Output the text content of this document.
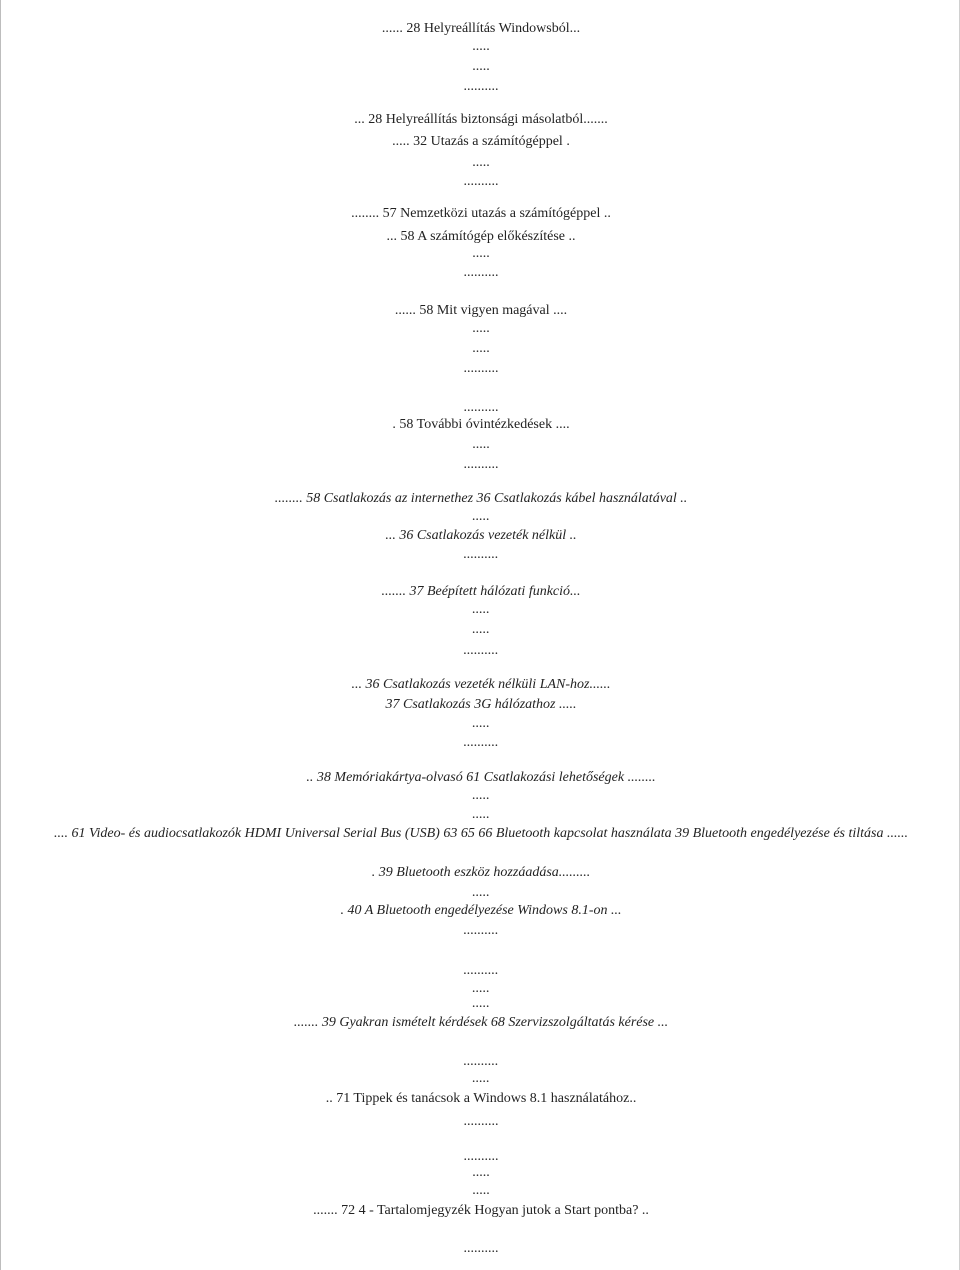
...... 28 Helyreállítás Windowsból...
.....
.....
..........
... 28 Helyreállítás biztonsági másolatból.......
..... 32 Utazás a számítógéppel .
.....
..........
........ 57 Nemzetközi utazás a számítógéppel ..
... 58 A számítógép előkészítése ..
.....
..........
...... 58 Mit vigyen magával ....
.....
.....
..........
..........
. 58 További óvintézkedések ....
.....
..........
........ 58 Csatlakozás az internethez 36 Csatlakozás kábel használatával ..
.....
... 36 Csatlakozás vezeték nélkül ..
..........
....... 37 Beépített hálózati funkció...
.....
.....
..........
... 36 Csatlakozás vezeték nélküli LAN-hoz......
37 Csatlakozás 3G hálózathoz .....
.....
..........
.. 38 Memóriakártya-olvasó 61 Csatlakozási lehetőségek ........
.....
.....
.... 61 Video- és audiocsatlakozók HDMI Universal Serial Bus (USB) 63 65 66 Bluetooth kapcsolat használata 39 Bluetooth engedélyezése és tiltása ......
. 39 Bluetooth eszköz hozzáadása.........
.....
. 40 A Bluetooth engedélyezése Windows 8.1-on ...
..........
..........
.....
.....
....... 39 Gyakran ismételt kérdések 68 Szervizszolgáltatás kérése ...
..........
.....
.. 71 Tippek és tanácsok a Windows 8.1 használatához..
..........
..........
.....
.....
....... 72 4 - Tartalomjegyzék Hogyan jutok a Start pontba? ..
..........
